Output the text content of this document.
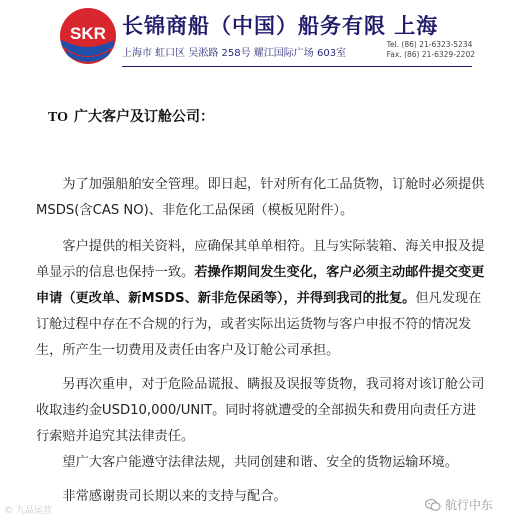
SKR 长锦商船（中国）船务有限 上海
上海市 虹口区 吴淞路 258号 耀江国际广场 603室
Tel. (86) 21-6323-5234
Fax. (86) 21-6329-2202
TO 广大客户及订舱公司：
为了加强船舶安全管理。即日起，针对所有化工品货物，订舱时必须提供MSDS(含CAS NO)、非危化工品保函（模板见附件）。
客户提供的相关资料，应确保其单单相符。且与实际装箱、海关申报及提单显示的信息也保持一致。若操作期间发生变化，客户必须主动邮件提交变更申请（更改单、新MSDS、新非危保函等），并得到我司的批复。但凡发现在订舱过程中存在不合规的行为，或者实际出运货物与客户申报不符的情况发生，所产生一切费用及责任由客户及订舱公司承担。
另再次重申，对于危险品谎报、瞒报及误报等货物，我司将对该订舱公司收取违约金USD10,000/UNIT。同时将就遭受的全部损失和费用向责任方进行索赔并追究其法律责任。
望广大客户能遵守法律法规，共同创建和谐、安全的货物运输环境。
非常感谢贵司长期以来的支持与配合。
© 九品运营	航行中东
